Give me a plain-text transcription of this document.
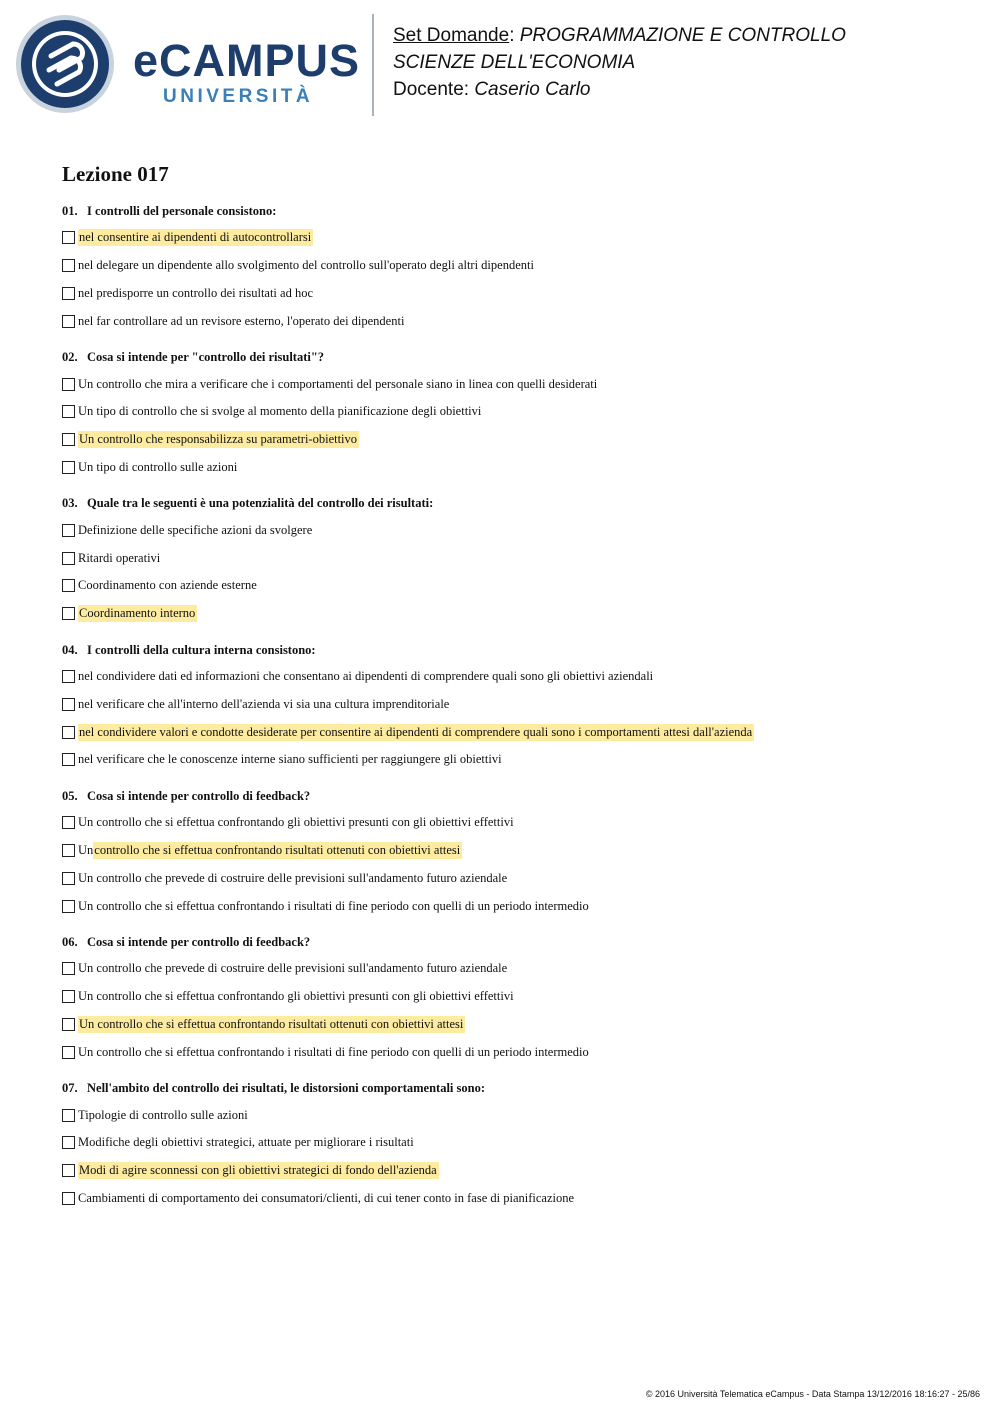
eCAMPUS
UNIVERSITÀ
Set Domande: PROGRAMMAZIONE E CONTROLLO
SCIENZE DELL'ECONOMIA
Docente: Caserio Carlo
Lezione 017
01. I controlli del personale consistono:
nel consentire ai dipendenti di autocontrollarsi
nel delegare un dipendente allo svolgimento del controllo sull'operato degli altri dipendenti
nel predisporre un controllo dei risultati ad hoc
nel far controllare ad un revisore esterno, l'operato dei dipendenti
02. Cosa si intende per "controllo dei risultati"?
Un controllo che mira a verificare che i comportamenti del personale siano in linea con quelli desiderati
Un tipo di controllo che si svolge al momento della pianificazione degli obiettivi
Un controllo che responsabilizza su parametri-obiettivo
Un tipo di controllo sulle azioni
03. Quale tra le seguenti è una potenzialità del controllo dei risultati:
Definizione delle specifiche azioni da svolgere
Ritardi operativi
Coordinamento con aziende esterne
Coordinamento interno
04. I controlli della cultura interna consistono:
nel condividere dati ed informazioni che consentano ai dipendenti di comprendere quali sono gli obiettivi aziendali
nel verificare che all'interno dell'azienda vi sia una cultura imprenditoriale
nel condividere valori e condotte desiderate per consentire ai dipendenti di comprendere quali sono i comportamenti attesi dall'azienda
nel verificare che le conoscenze interne siano sufficienti per raggiungere gli obiettivi
05. Cosa si intende per controllo di feedback?
Un controllo che si effettua confrontando gli obiettivi presunti con gli obiettivi effettivi
Un controllo che si effettua confrontando risultati ottenuti con obiettivi attesi
Un controllo che prevede di costruire delle previsioni sull'andamento futuro aziendale
Un controllo che si effettua confrontando i risultati di fine periodo con quelli di un periodo intermedio
06. Cosa si intende per controllo di feedback?
Un controllo che prevede di costruire delle previsioni sull'andamento futuro aziendale
Un controllo che si effettua confrontando gli obiettivi presunti con gli obiettivi effettivi
Un controllo che si effettua confrontando risultati ottenuti con obiettivi attesi
Un controllo che si effettua confrontando i risultati di fine periodo con quelli di un periodo intermedio
07. Nell'ambito del controllo dei risultati, le distorsioni comportamentali sono:
Tipologie di controllo sulle azioni
Modifiche degli obiettivi strategici, attuate per migliorare i risultati
Modi di agire sconnessi con gli obiettivi strategici di fondo dell'azienda
Cambiamenti di comportamento dei consumatori/clienti, di cui tener conto in fase di pianificazione
© 2016 Università Telematica eCampus - Data Stampa 13/12/2016 18:16:27 - 25/86
